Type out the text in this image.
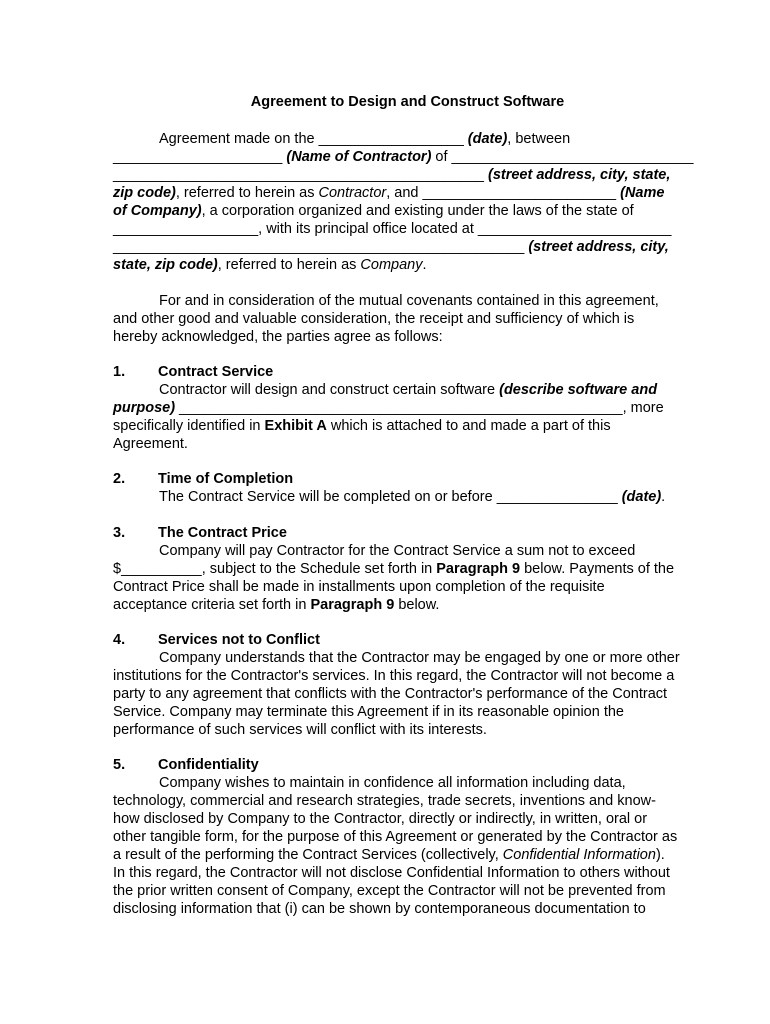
Agreement to Design and Construct Software
Agreement made on the __________________ (date), between
_____________________ (Name of Contractor) of ______________________________
______________________________________________ (street address, city, state,
zip code), referred to herein as Contractor, and ________________________ (Name
of Company), a corporation organized and existing under the laws of the state of
__________________, with its principal office located at ________________________
___________________________________________________ (street address, city,
state, zip code), referred to herein as Company.
For and in consideration of the mutual covenants contained in this agreement,
and other good and valuable consideration, the receipt and sufficiency of which is
hereby acknowledged, the parties agree as follows:
1. Contract Service
Contractor will design and construct certain software (describe software and
purpose) _______________________________________________________, more
specifically identified in Exhibit A which is attached to and made a part of this
Agreement.
2. Time of Completion
The Contract Service will be completed on or before _______________ (date).
3. The Contract Price
Company will pay Contractor for the Contract Service a sum not to exceed
$__________, subject to the Schedule set forth in Paragraph 9 below. Payments of the
Contract Price shall be made in installments upon completion of the requisite
acceptance criteria set forth in Paragraph 9 below.
4. Services not to Conflict
Company understands that the Contractor may be engaged by one or more other
institutions for the Contractor's services. In this regard, the Contractor will not become a
party to any agreement that conflicts with the Contractor's performance of the Contract
Service. Company may terminate this Agreement if in its reasonable opinion the
performance of such services will conflict with its interests.
5. Confidentiality
Company wishes to maintain in confidence all information including data,
technology, commercial and research strategies, trade secrets, inventions and know-
how disclosed by Company to the Contractor, directly or indirectly, in written, oral or
other tangible form, for the purpose of this Agreement or generated by the Contractor as
a result of the performing the Contract Services (collectively, Confidential Information).
In this regard, the Contractor will not disclose Confidential Information to others without
the prior written consent of Company, except the Contractor will not be prevented from
disclosing information that (i) can be shown by contemporaneous documentation to
